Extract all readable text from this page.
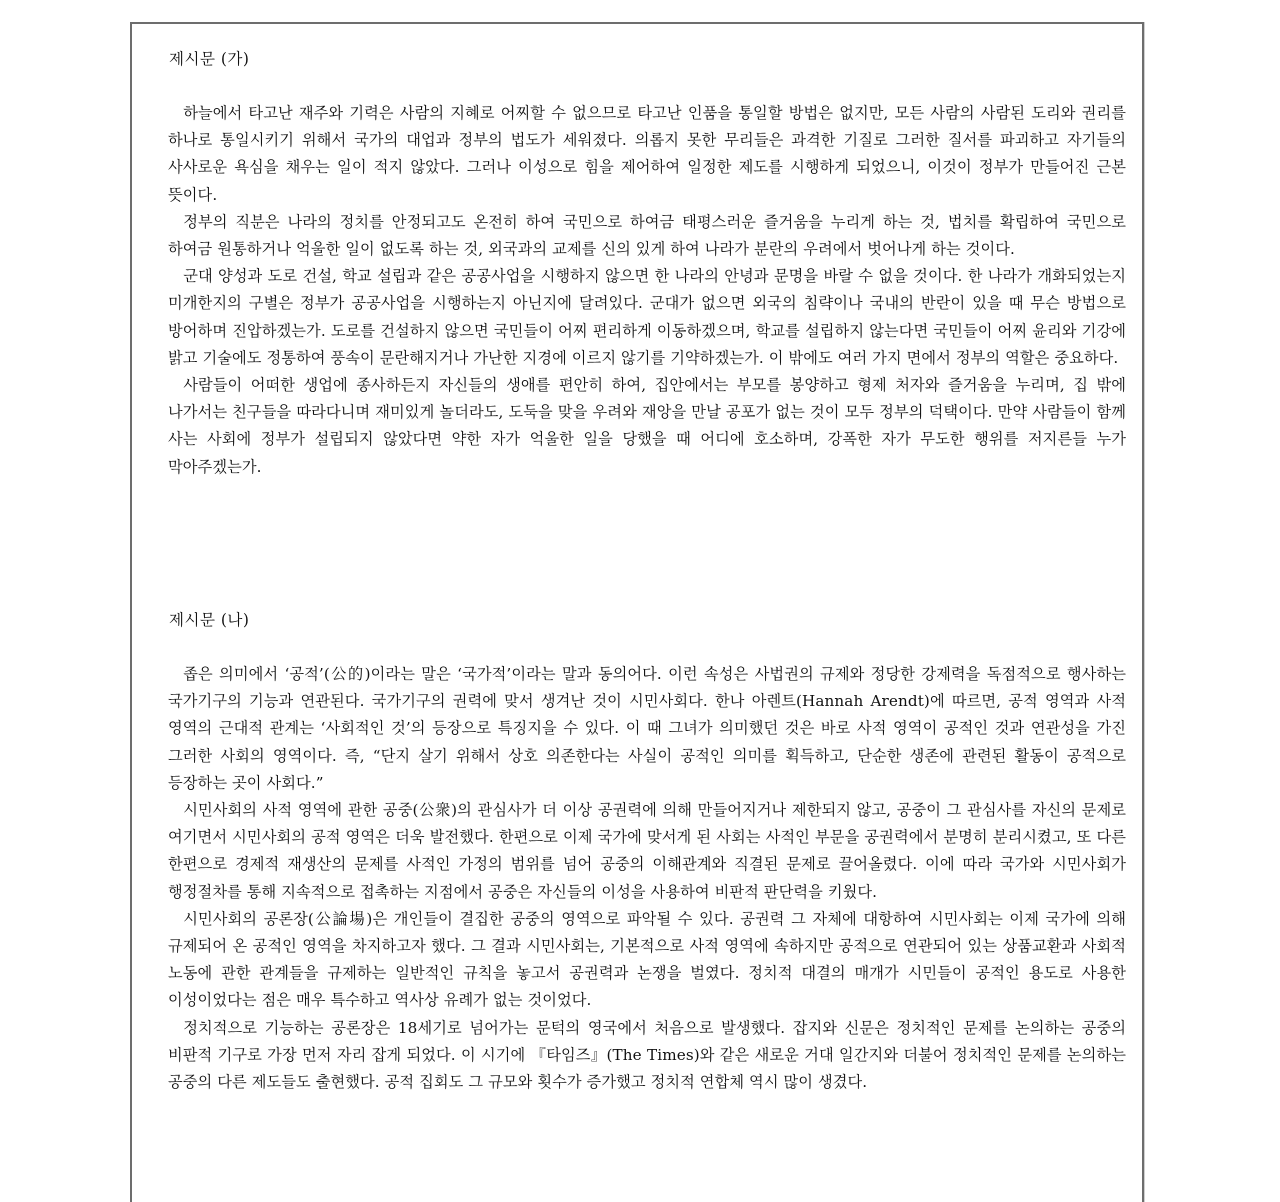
제시문 (가)

하늘에서 타고난 재주와 기력은 사람의 지혜로 어찌할 수 없으므로 타고난 인품을 통일할 방법은 없지만, 모든 사람의 사람된 도리와 권리를 하나로 통일시키기 위해서 국가의 대업과 정부의 법도가 세워졌다. 의롭지 못한 무리들은 과격한 기질로 그러한 질서를 파괴하고 자기들의 사사로운 욕심을 채우는 일이 적지 않았다. 그러나 이성으로 힘을 제어하여 일정한 제도를 시행하게 되었으니, 이것이 정부가 만들어진 근본 뜻이다.

정부의 직분은 나라의 정치를 안정되고도 온전히 하여 국민으로 하여금 태평스러운 즐거움을 누리게 하는 것, 법치를 확립하여 국민으로 하여금 원통하거나 억울한 일이 없도록 하는 것, 외국과의 교제를 신의 있게 하여 나라가 분란의 우려에서 벗어나게 하는 것이다.

군대 양성과 도로 건설, 학교 설립과 같은 공공사업을 시행하지 않으면 한 나라의 안녕과 문명을 바랄 수 없을 것이다. 한 나라가 개화되었는지 미개한지의 구별은 정부가 공공사업을 시행하는지 아닌지에 달려있다. 군대가 없으면 외국의 침략이나 국내의 반란이 있을 때 무슨 방법으로 방어하며 진압하겠는가. 도로를 건설하지 않으면 국민들이 어찌 편리하게 이동하겠으며, 학교를 설립하지 않는다면 국민들이 어찌 윤리와 기강에 밝고 기술에도 정통하여 풍속이 문란해지거나 가난한 지경에 이르지 않기를 기약하겠는가. 이 밖에도 여러 가지 면에서 정부의 역할은 중요하다.

사람들이 어떠한 생업에 종사하든지 자신들의 생애를 편안히 하여, 집안에서는 부모를 봉양하고 형제 처자와 즐거움을 누리며, 집 밖에 나가서는 친구들을 따라다니며 재미있게 놀더라도, 도둑을 맞을 우려와 재앙을 만날 공포가 없는 것이 모두 정부의 덕택이다. 만약 사람들이 함께 사는 사회에 정부가 설립되지 않았다면 약한 자가 억울한 일을 당했을 때 어디에 호소하며, 강폭한 자가 무도한 행위를 저지른들 누가 막아주겠는가.

제시문 (나)

좁은 의미에서 ‘공적’(公的)이라는 말은 ‘국가적’이라는 말과 동의어다. 이런 속성은 사법권의 규제와 정당한 강제력을 독점적으로 행사하는 국가기구의 기능과 연관된다. 국가기구의 권력에 맞서 생겨난 것이 시민사회다. 한나 아렌트(Hannah Arendt)에 따르면, 공적 영역과 사적 영역의 근대적 관계는 ‘사회적인 것’의 등장으로 특징지을 수 있다. 이 때 그녀가 의미했던 것은 바로 사적 영역이 공적인 것과 연관성을 가진 그러한 사회의 영역이다. 즉, “단지 살기 위해서 상호 의존한다는 사실이 공적인 의미를 획득하고, 단순한 생존에 관련된 활동이 공적으로 등장하는 곳이 사회다.”

시민사회의 사적 영역에 관한 공중(公衆)의 관심사가 더 이상 공권력에 의해 만들어지거나 제한되지 않고, 공중이 그 관심사를 자신의 문제로 여기면서 시민사회의 공적 영역은 더욱 발전했다. 한편으로 이제 국가에 맞서게 된 사회는 사적인 부문을 공권력에서 분명히 분리시켰고, 또 다른 한편으로 경제적 재생산의 문제를 사적인 가정의 범위를 넘어 공중의 이해관계와 직결된 문제로 끌어올렸다. 이에 따라 국가와 시민사회가 행정절차를 통해 지속적으로 접촉하는 지점에서 공중은 자신들의 이성을 사용하여 비판적 판단력을 키웠다.

시민사회의 공론장(公論場)은 개인들이 결집한 공중의 영역으로 파악될 수 있다. 공권력 그 자체에 대항하여 시민사회는 이제 국가에 의해 규제되어 온 공적인 영역을 차지하고자 했다. 그 결과 시민사회는, 기본적으로 사적 영역에 속하지만 공적으로 연관되어 있는 상품교환과 사회적 노동에 관한 관계들을 규제하는 일반적인 규칙을 놓고서 공권력과 논쟁을 벌였다. 정치적 대결의 매개가 시민들이 공적인 용도로 사용한 이성이었다는 점은 매우 특수하고 역사상 유례가 없는 것이었다.

정치적으로 기능하는 공론장은 18세기로 넘어가는 문턱의 영국에서 처음으로 발생했다. 잡지와 신문은 정치적인 문제를 논의하는 공중의 비판적 기구로 가장 먼저 자리 잡게 되었다. 이 시기에 『타임즈』(The Times)와 같은 새로운 거대 일간지와 더불어 정치적인 문제를 논의하는 공중의 다른 제도들도 출현했다. 공적 집회도 그 규모와 횟수가 증가했고 정치적 연합체 역시 많이 생겼다.
